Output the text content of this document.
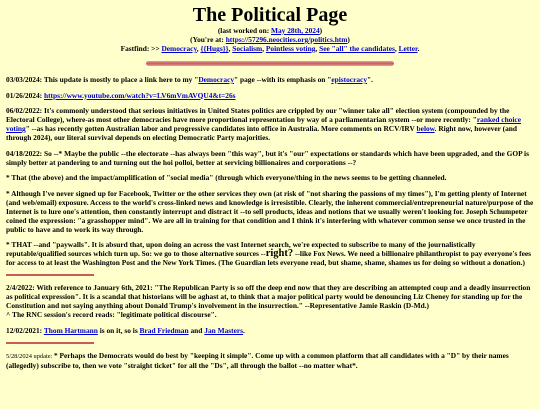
The Political Page
(last worked on: May 28th, 2024)
(You're at: https://57296.neocities.org/politics.htm)
Fastfind: >> Democracy, {{Hugs}}, Socialism, Pointless voting, See "all" the candidates, Letter.

03/03/2024: This update is mostly to place a link here to my "Democracy" page --with its emphasis on "epistocracy".

01/26/2024: https://www.youtube.com/watch?v=LV6mVmAVQU4&t=26s

06/02/2022: It's commonly understood that serious initiatives in United States politics are crippled by our "winner take all" election system (compounded by the Electoral College), where-as most other democracies have more proportional representation by way of a parliamentarian system --or more recently: "ranked choice voting" --as has recently gotten Australian labor and progressive candidates into office in Australia. More comments on RCV/IRV below. Right now, however (and through 2024), our literal survival depends on electing Democratic Party majorities.

04/18/2022: So --* Maybe the public --the electorate --has always been "this way", but it's "our" expectations or standards which have been upgraded, and the GOP is simply better at pandering to and turning out the hoi polloi, better at servicing billionaires and corporations --?

* That (the above) and the impact/amplification of "social media" (through which everyone/thing in the news seems to be getting channeled.

* Although I've never signed up for Facebook, Twitter or the other services they own (at risk of "not sharing the passions of my times"), I'm getting plenty of Internet (and web/email) exposure. Access to the world's cross-linked news and knowledge is irresistible. Clearly, the inherent commercial/entrepreneurial nature/purpose of the Internet is to lure one's attention, then constantly interrupt and distract it --to sell products, ideas and notions that we usually weren't looking for. Joseph Schumpeter coined the expression: "a grasshopper mind". We are all in training for that condition and I think it's interfering with whatever common sense we once trusted in the public to have and to work its way through.

* THAT --and "paywalls". It is absurd that, upon doing an across the vast Internet search, we're expected to subscribe to many of the journalistically reputable/qualified sources which turn up. So: we go to those alternative sources --right? --like Fox News. We need a billionaire philanthropist to pay everyone's fees for access to at least the Washington Post and the New York Times. (The Guardian lets everyone read, but shame, shame, shames us for doing so without a donation.)

2/4/2022: With reference to January 6th, 2021: "The Republican Party is so off the deep end now that they are describing an attempted coup and a deadly insurrection as political expression". It is a scandal that historians will be aghast at, to think that a major political party would be denouncing Liz Cheney for standing up for the Constitution and not saying anything about Donald Trump's involvement in the insurrection." --Representative Jamie Raskin (D-Md.)
^ The RNC session's record reads: "legitimate political discourse".

12/02/2021: Thom Hartmann is on it, so is Brad Friedman and Jan Masters.

5/28/2024 update: * Perhaps the Democrats would do best by "keeping it simple". Come up with a common platform that all candidates with a "D" by their names (allegedly) subscribe to, then we vote "straight ticket" for all the "Ds", all through the ballot --no matter what*.
